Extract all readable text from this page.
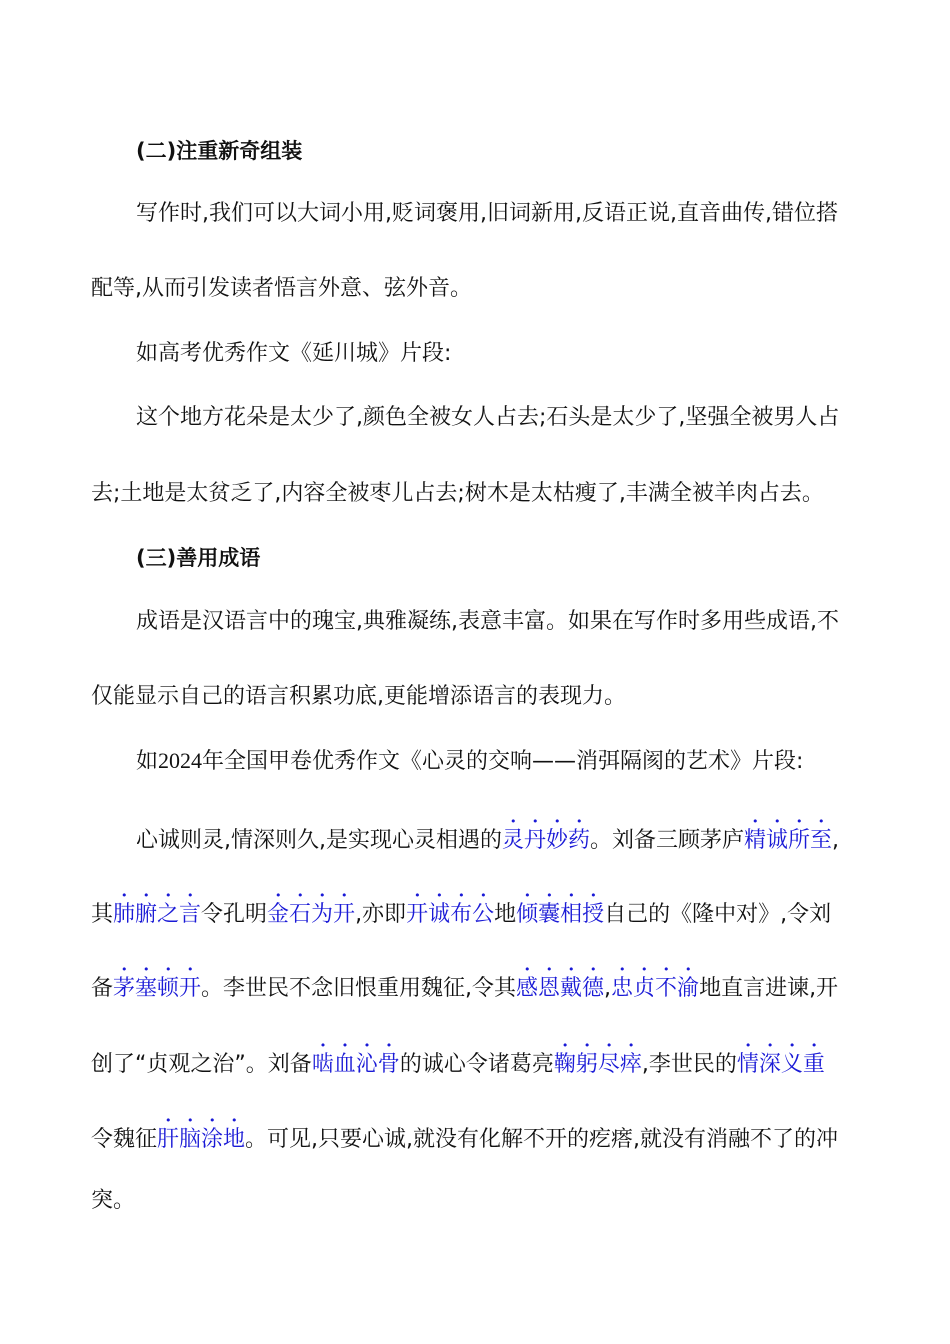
(二)注重新奇组装
写作时,我们可以大词小用,贬词褒用,旧词新用,反语正说,直音曲传,错位搭
配等,从而引发读者悟言外意、弦外音。
如高考优秀作文《延川城》片段:
这个地方花朵是太少了,颜色全被女人占去;石头是太少了,坚强全被男人占
去;土地是太贫乏了,内容全被枣儿占去;树木是太枯瘦了,丰满全被羊肉占去。
(三)善用成语
成语是汉语言中的瑰宝,典雅凝练,表意丰富。如果在写作时多用些成语,不
仅能显示自己的语言积累功底,更能增添语言的表现力。
如2024年全国甲卷优秀作文《心灵的交响——消弭隔阂的艺术》片段:
心诚则灵,情深则久,是实现心灵相遇的灵丹妙药。刘备三顾茅庐精诚所至,
其肺腑之言令孔明金石为开,亦即开诚布公地倾囊相授自己的《隆中对》,令刘
备茅塞顿开。李世民不念旧恨重用魏征,令其感恩戴德,忠贞不渝地直言进谏,开
创了“贞观之治”。刘备啮血沁骨的诚心令诸葛亮鞠躬尽瘁,李世民的情深义重
令魏征肝脑涂地。可见,只要心诚,就没有化解不开的疙瘩,就没有消融不了的冲
突。
